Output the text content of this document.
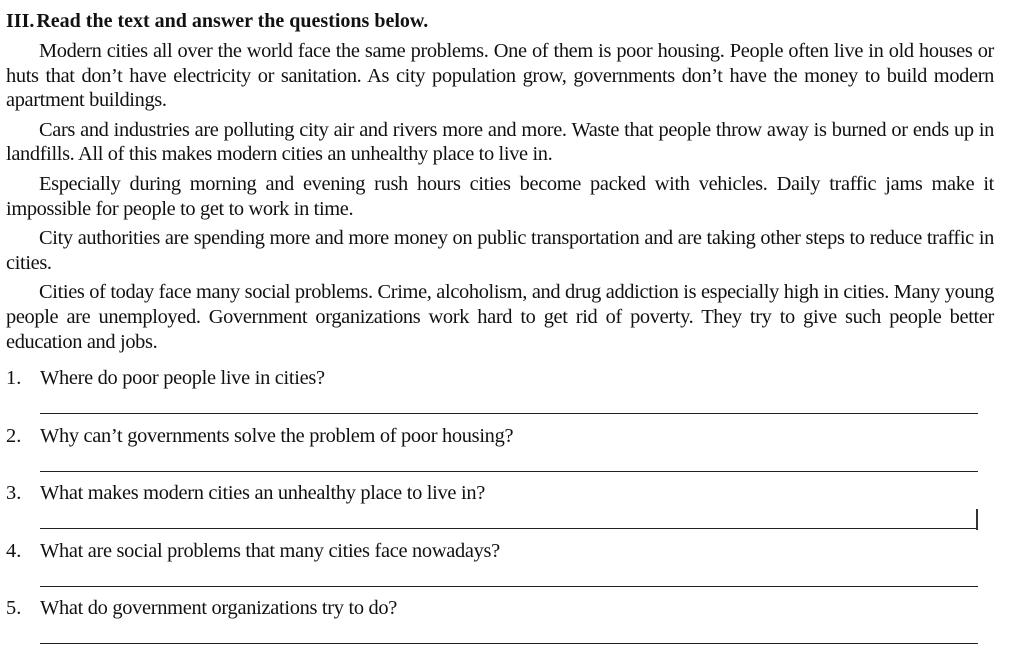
III. Read the text and answer the questions below.

Modern cities all over the world face the same problems. One of them is poor housing. People often live in old houses or huts that don’t have electricity or sanitation. As city population grow, governments don’t have the money to build modern apartment buildings.

Cars and industries are polluting city air and rivers more and more. Waste that people throw away is burned or ends up in landfills. All of this makes modern cities an unhealthy place to live in.

Especially during morning and evening rush hours cities become packed with vehicles. Daily traffic jams make it impossible for people to get to work in time.

City authorities are spending more and more money on public transportation and are taking other steps to reduce traffic in cities.

Cities of today face many social problems. Crime, alcoholism, and drug addiction is especially high in cities. Many young people are unemployed. Government organizations work hard to get rid of poverty. They try to give such people better education and jobs.

1. Where do poor people live in cities?
2. Why can’t governments solve the problem of poor housing?
3. What makes modern cities an unhealthy place to live in?
4. What are social problems that many cities face nowadays?
5. What do government organizations try to do?
